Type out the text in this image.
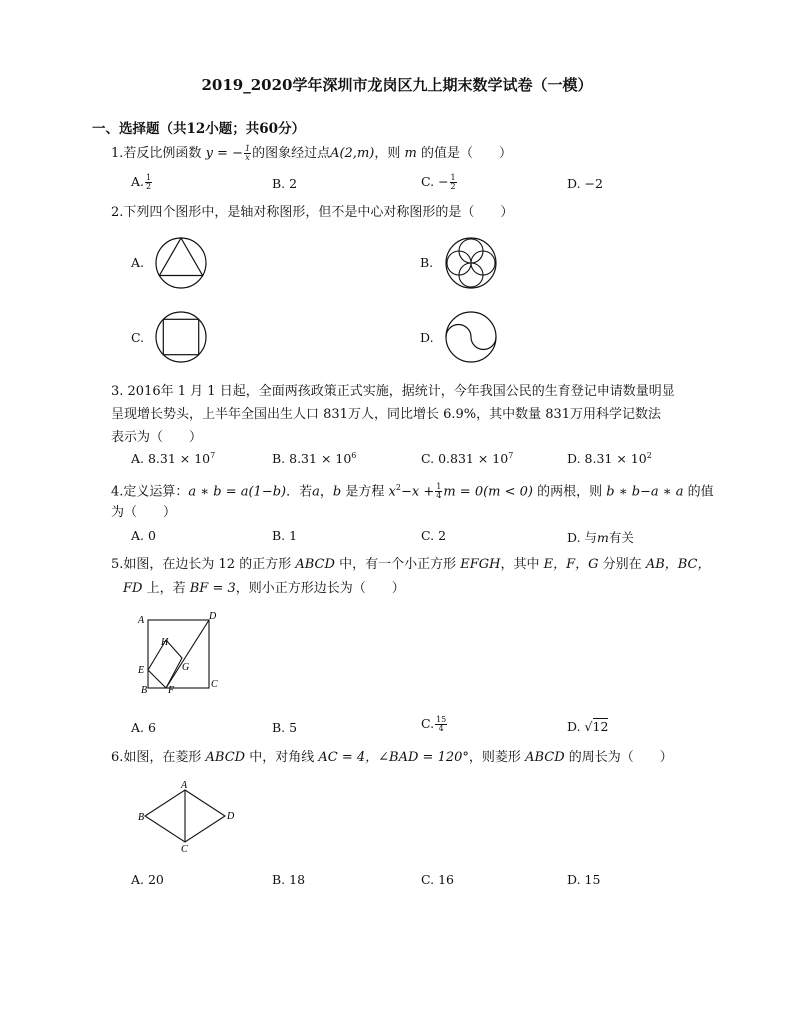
2019_2020学年深圳市龙岗区九上期末数学试卷（一模）
一、选择题（共12小题；共60分）
1.若反比例函数 y = − $\frac{1}{x}$ 的图象经过点A(2,m)，则 m 的值是（　　）
A. $\frac{1}{2}$	B. 2	C. − $\frac{1}{2}$	D. −2
2.下列四个图形中，是轴对称图形，但不是中心对称图形的是（　　）
A.	B.
C.	D.
3. 2016年 1 月 1 日起，全面两孩政策正式实施，据统计，今年我国公民的生育登记申请数量明显
呈现增长势头，上半年全国出生人口 831万人，同比增长 6.9%，其中数量 831万用科学记数法
表示为（　　）
A. $8.31 \times 10^7$	B. $8.31 \times 10^6$	C. $0.831 \times 10^7$	D. $8.31 \times 10^2$
4.定义运算：a ∗ b = a(1−b)．若a，b 是方程 $x^2-x + \frac{1}{4}$ m = 0(m < 0) 的两根，则 b ∗ b−a ∗ a 的值
为（　　）
A. 0	B. 1	C. 2	D. 与m有关
5.如图，在边长为 12 的正方形 ABCD 中，有一个小正方形 EFGH，其中 E，F，G 分别在 AB，BC，
FD 上，若 BF = 3，则小正方形边长为（　　）
A	D
H
G
E
B F
C
A. 6	B. 5	C. $\frac{15}{4}$	D. √12
6.如图，在菱形 ABCD 中，对角线 AC = 4，∠BAD = 120°，则菱形 ABCD 的周长为（　　）
A
B	D
C
A. 20	B. 18	C. 16	D. 15
